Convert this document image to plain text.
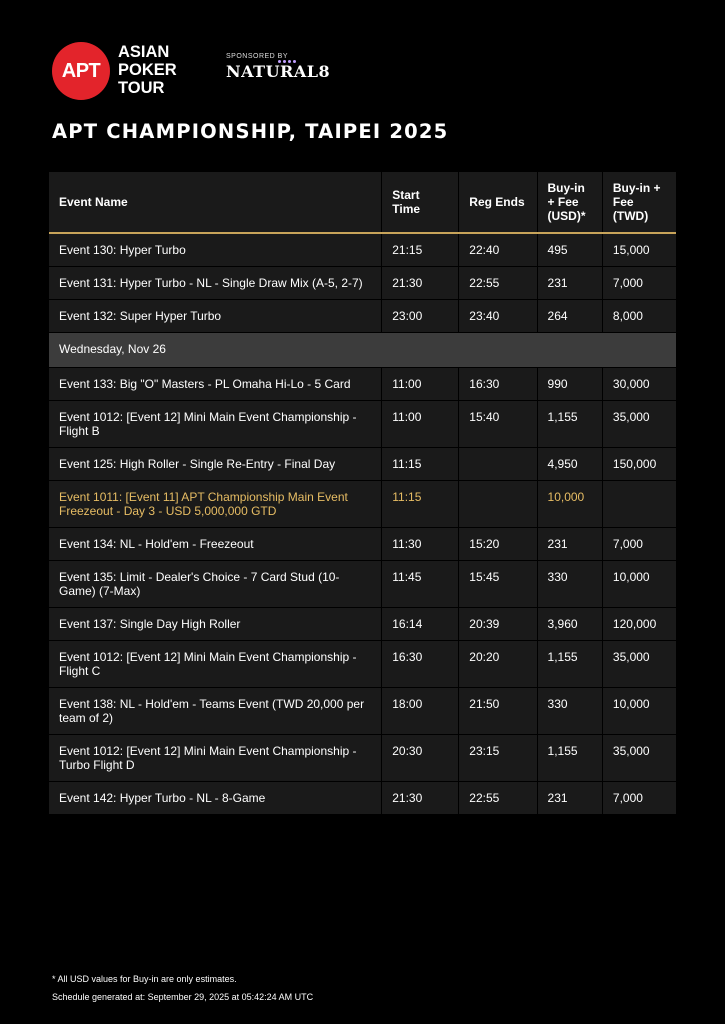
APT
ASIAN
POKER
TOUR
SPONSORED BY
NATURAL8
APT CHAMPIONSHIP, TAIPEI 2025
Event Name	Start Time	Reg Ends	Buy-in + Fee (USD)*	Buy-in + Fee (TWD)
Event 130: Hyper Turbo	21:15	22:40	495	15,000
Event 131: Hyper Turbo - NL - Single Draw Mix (A-5, 2-7)	21:30	22:55	231	7,000
Event 132: Super Hyper Turbo	23:00	23:40	264	8,000
Wednesday, Nov 26				
Event 133: Big "O" Masters - PL Omaha Hi-Lo - 5 Card	11:00	16:30	990	30,000
Event 1012: [Event 12] Mini Main Event Championship - Flight B	11:00	15:40	1,155	35,000
Event 125: High Roller - Single Re-Entry - Final Day	11:15		4,950	150,000
Event 1011: [Event 11] APT Championship Main Event Freezeout - Day 3 - USD 5,000,000 GTD	11:15		10,000	
Event 134: NL - Hold'em - Freezeout	11:30	15:20	231	7,000
Event 135: Limit - Dealer's Choice - 7 Card Stud (10-Game) (7-Max)	11:45	15:45	330	10,000
Event 137: Single Day High Roller	16:14	20:39	3,960	120,000
Event 1012: [Event 12] Mini Main Event Championship - Flight C	16:30	20:20	1,155	35,000
Event 138: NL - Hold'em - Teams Event (TWD 20,000 per team of 2)	18:00	21:50	330	10,000
Event 1012: [Event 12] Mini Main Event Championship - Turbo Flight D	20:30	23:15	1,155	35,000
Event 142: Hyper Turbo - NL - 8-Game	21:30	22:55	231	7,000
* All USD values for Buy-in are only estimates.
Schedule generated at: September 29, 2025 at 05:42:24 AM UTC
